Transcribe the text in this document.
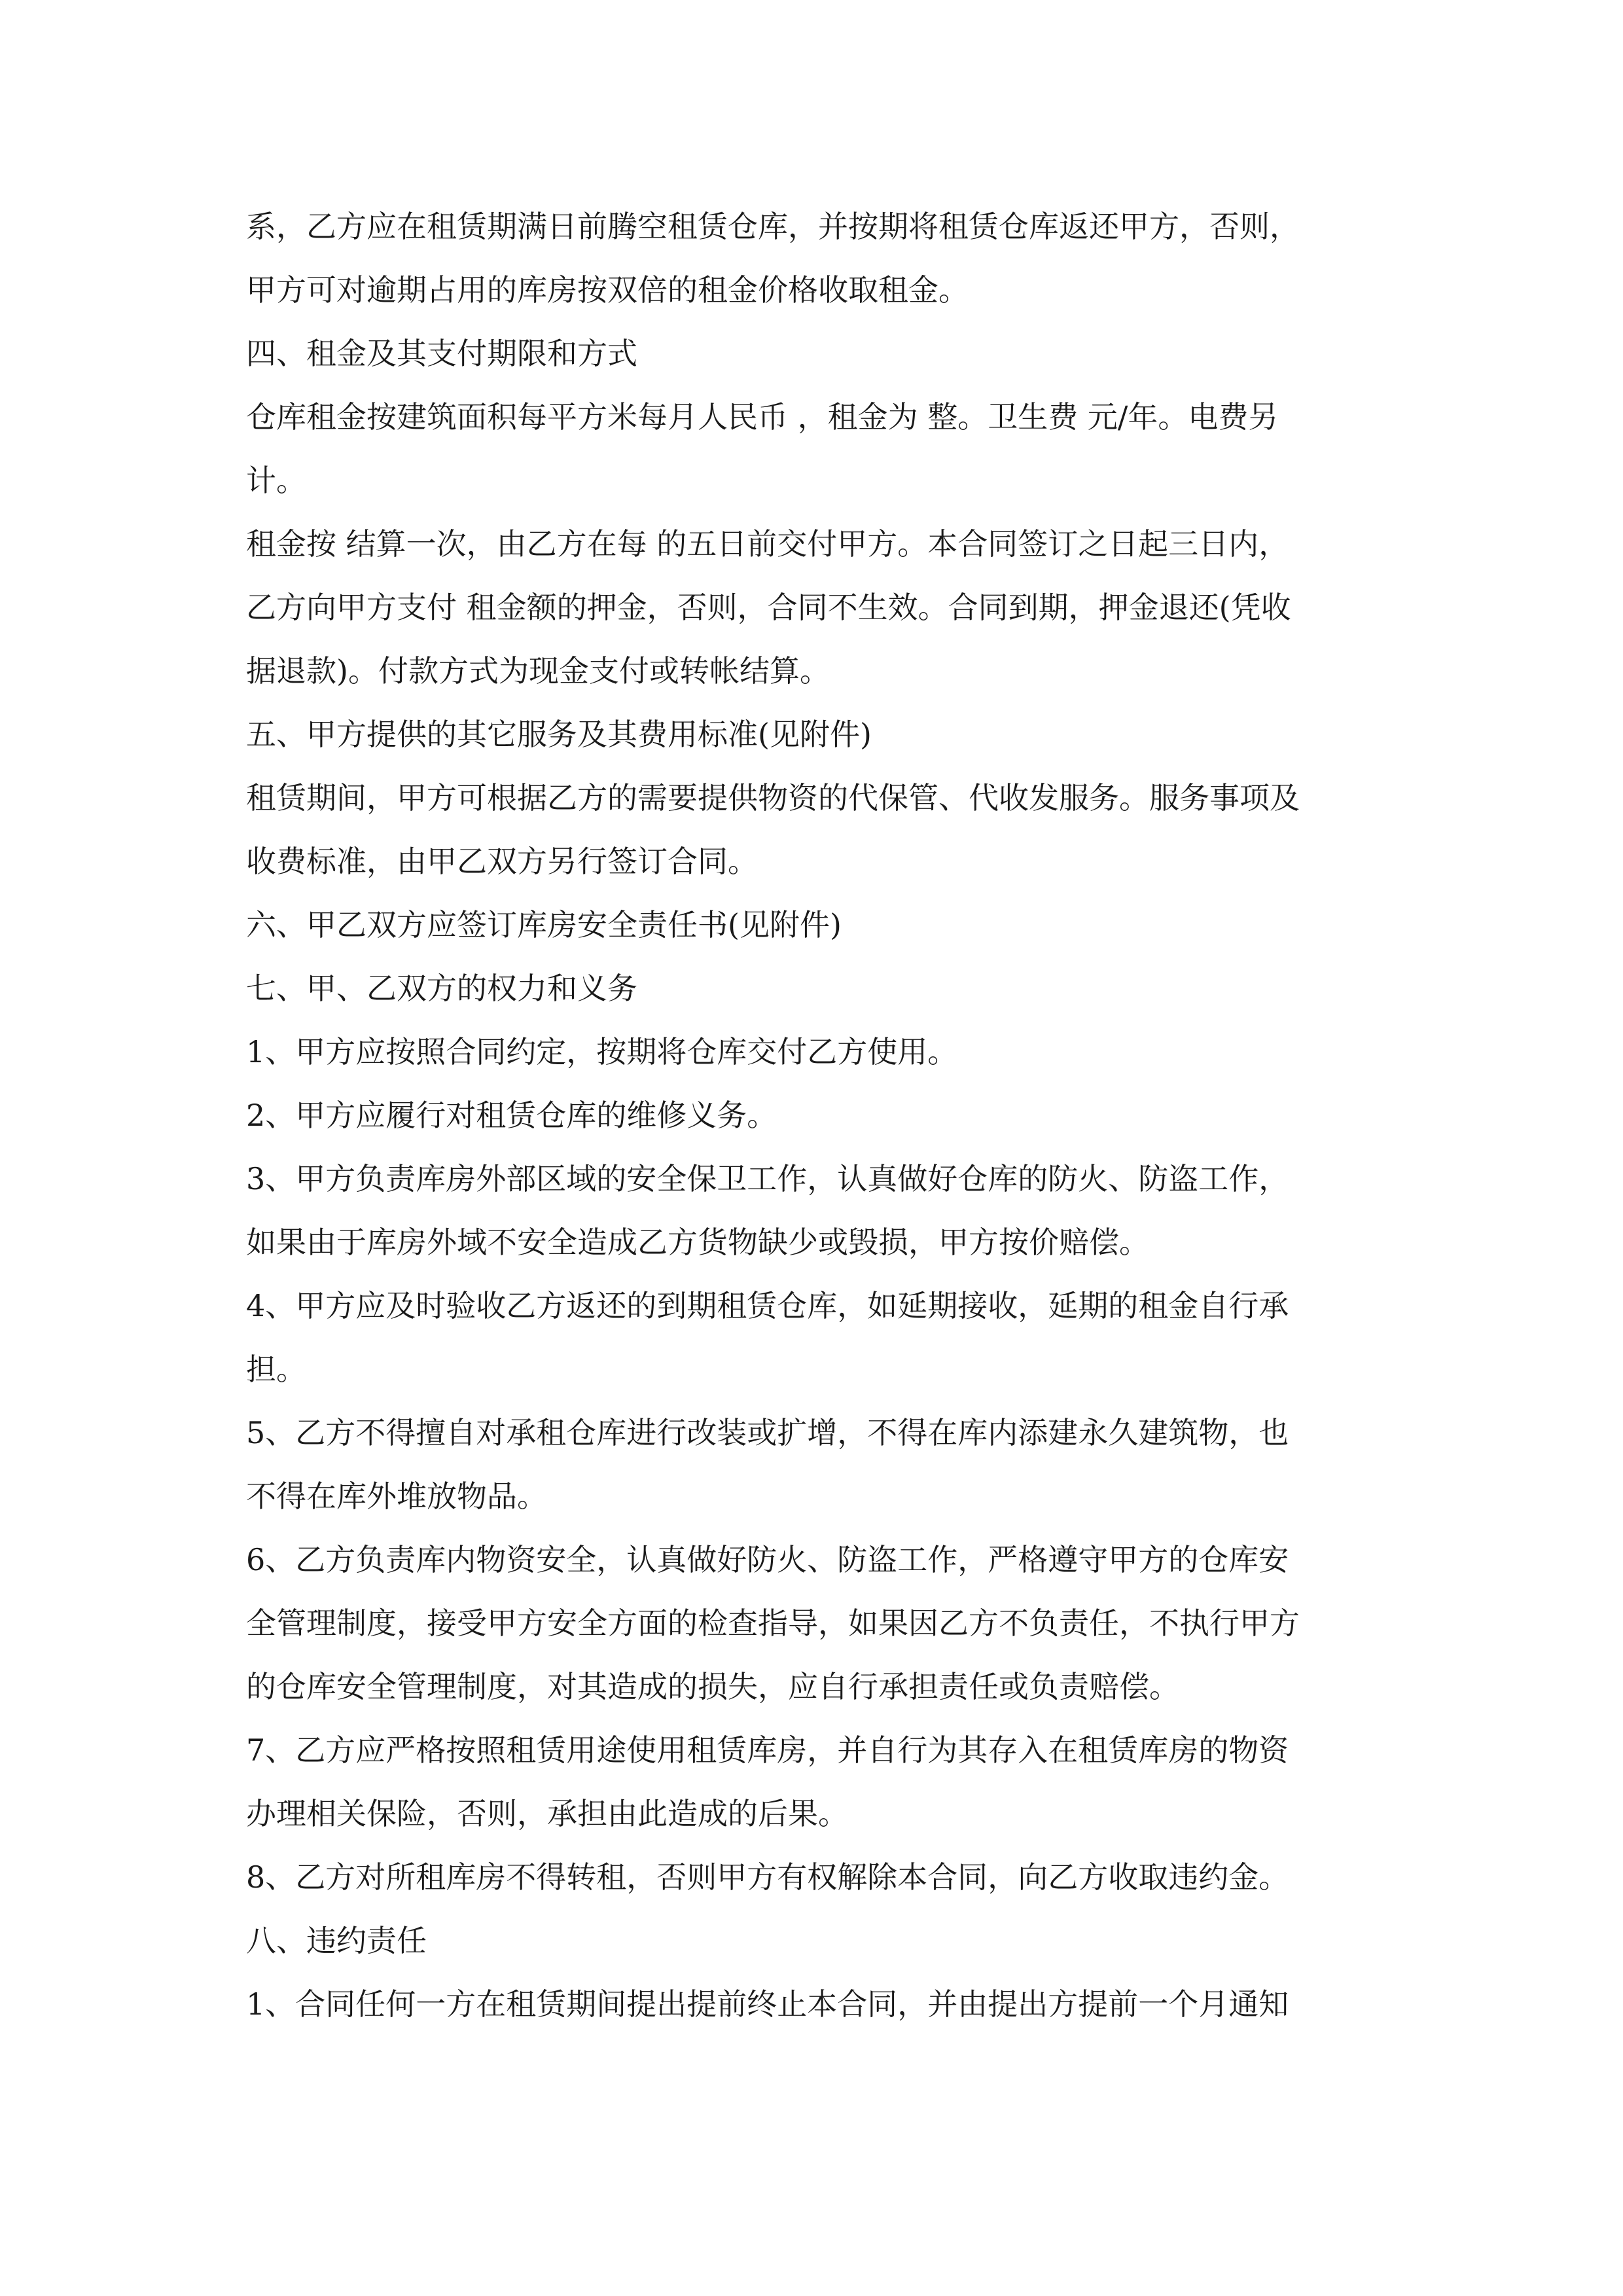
系，乙方应在租赁期满日前腾空租赁仓库，并按期将租赁仓库返还甲方，否则，
甲方可对逾期占用的库房按双倍的租金价格收取租金。
四、租金及其支付期限和方式
仓库租金按建筑面积每平方米每月人民币 ，租金为 整。卫生费 元/年。电费另
计。
租金按 结算一次，由乙方在每 的五日前交付甲方。本合同签订之日起三日内，
乙方向甲方支付 租金额的押金，否则，合同不生效。合同到期，押金退还(凭收
据退款)。付款方式为现金支付或转帐结算。
五、甲方提供的其它服务及其费用标准(见附件)
租赁期间，甲方可根据乙方的需要提供物资的代保管、代收发服务。服务事项及
收费标准，由甲乙双方另行签订合同。
六、甲乙双方应签订库房安全责任书(见附件)
七、甲、乙双方的权力和义务
1、甲方应按照合同约定，按期将仓库交付乙方使用。
2、甲方应履行对租赁仓库的维修义务。
3、甲方负责库房外部区域的安全保卫工作，认真做好仓库的防火、防盗工作，
如果由于库房外域不安全造成乙方货物缺少或毁损，甲方按价赔偿。
4、甲方应及时验收乙方返还的到期租赁仓库，如延期接收，延期的租金自行承
担。
5、乙方不得擅自对承租仓库进行改装或扩增，不得在库内添建永久建筑物，也
不得在库外堆放物品。
6、乙方负责库内物资安全，认真做好防火、防盗工作，严格遵守甲方的仓库安
全管理制度，接受甲方安全方面的检查指导，如果因乙方不负责任，不执行甲方
的仓库安全管理制度，对其造成的损失，应自行承担责任或负责赔偿。
7、乙方应严格按照租赁用途使用租赁库房，并自行为其存入在租赁库房的物资
办理相关保险，否则，承担由此造成的后果。
8、乙方对所租库房不得转租，否则甲方有权解除本合同，向乙方收取违约金。
八、违约责任
1、合同任何一方在租赁期间提出提前终止本合同，并由提出方提前一个月通知
